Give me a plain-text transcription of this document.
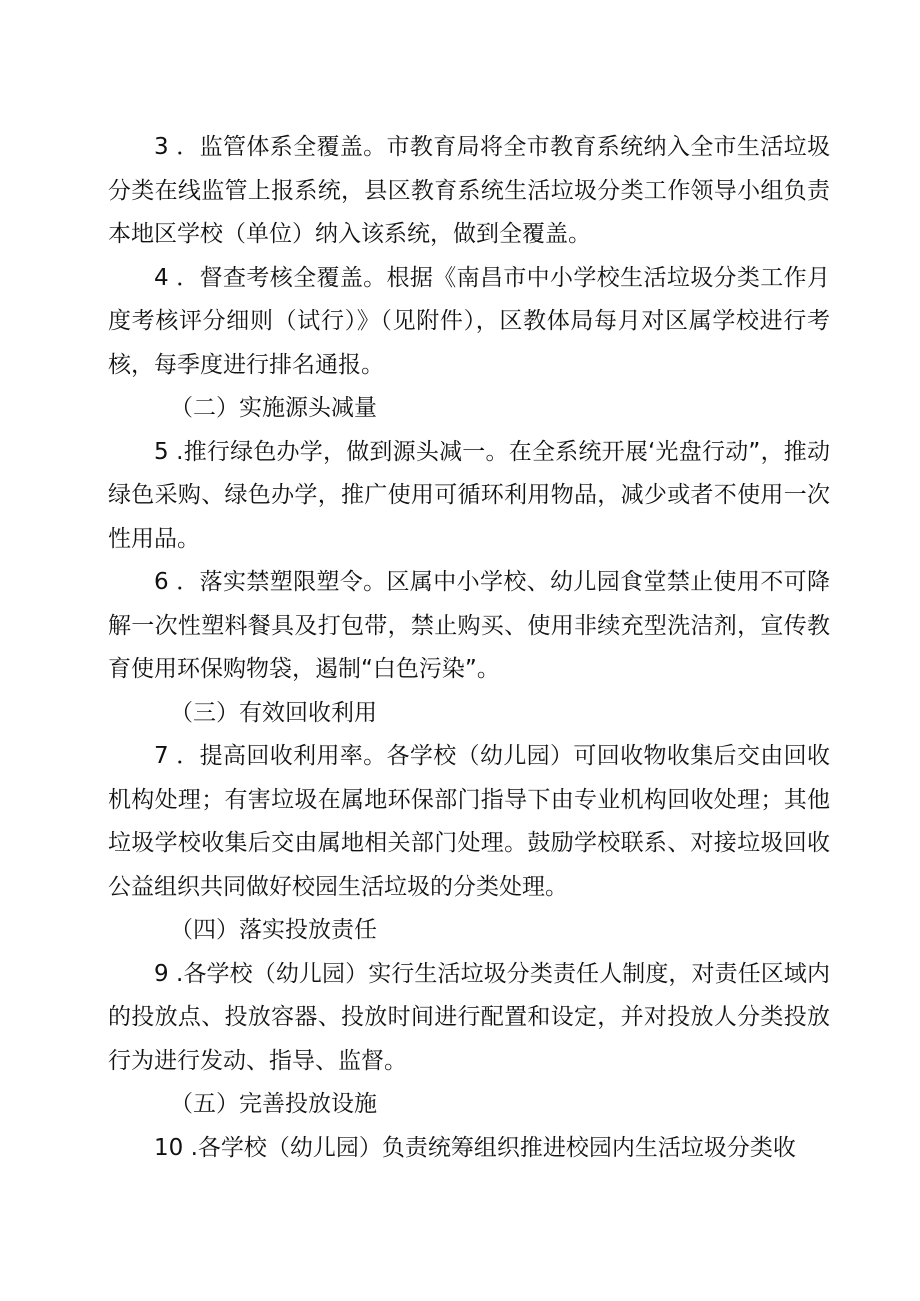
3 ．监管体系全覆盖。市教育局将全市教育系统纳入全市生活垃圾分类在线监管上报系统，县区教育系统生活垃圾分类工作领导小组负责本地区学校（单位）纳入该系统，做到全覆盖。

4 ．督查考核全覆盖。根据《南昌市中小学校生活垃圾分类工作月度考核评分细则（试行）》（见附件），区教体局每月对区属学校进行考核，每季度进行排名通报。

（二）实施源头减量

5 .推行绿色办学，做到源头减一。在全系统开展‘光盘行动”，推动绿色采购、绿色办学，推广使用可循环利用物品，减少或者不使用一次性用品。

6 ．落实禁塑限塑令。区属中小学校、幼儿园食堂禁止使用不可降解一次性塑料餐具及打包带，禁止购买、使用非续充型洗洁剂，宣传教育使用环保购物袋，遏制“白色污染”。

（三）有效回收利用

7 ．提高回收利用率。各学校（幼儿园）可回收物收集后交由回收机构处理；有害垃圾在属地环保部门指导下由专业机构回收处理；其他垃圾学校收集后交由属地相关部门处理。鼓励学校联系、对接垃圾回收公益组织共同做好校园生活垃圾的分类处理。

（四）落实投放责任

9 .各学校（幼儿园）实行生活垃圾分类责任人制度，对责任区域内的投放点、投放容器、投放时间进行配置和设定，并对投放人分类投放行为进行发动、指导、监督。

（五）完善投放设施

10 .各学校（幼儿园）负责统筹组织推进校园内生活垃圾分类收
